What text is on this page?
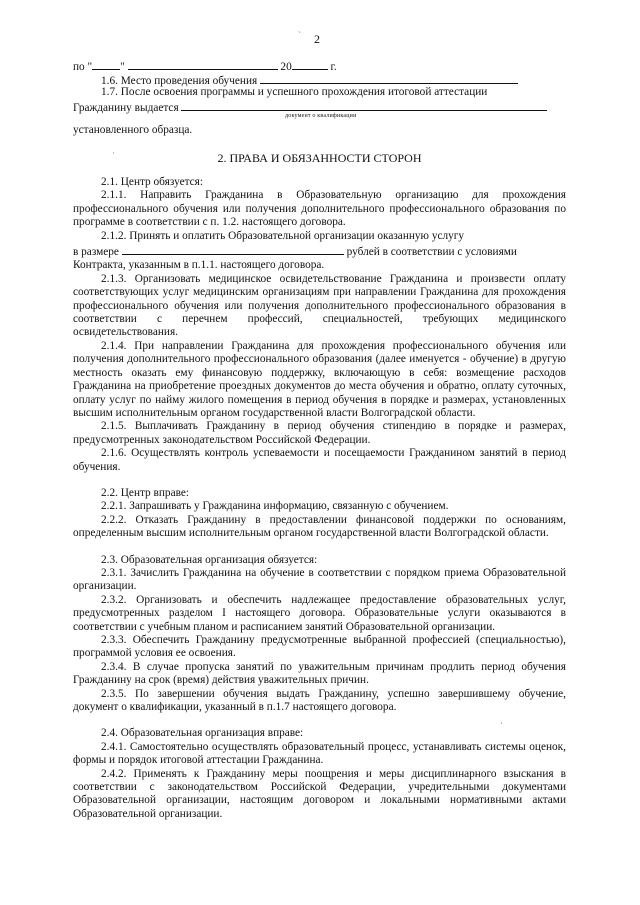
2
`
по " "	20	г.
1.6. Место проведения обучения

1.7. После освоения программы и успешного прохождения итоговой аттестации

Гражданину выдается
документ о квалификации

установленного образца.

2. ПРАВА И ОБЯЗАННОСТИ СТОРОН

2.1. Центр обязуется:

2.1.1. Направить Гражданина в Образовательную организацию для прохождения профессионального обучения или получения дополнительного профессионального образования по программе в соответствии с п. 1.2. настоящего договора.

2.1.2. Принять и оплатить Образовательной организации оказанную услугу

в размере	рублей в соответствии с условиями

Контракта, указанным в п.1.1. настоящего договора.

2.1.3. Организовать медицинское освидетельствование Гражданина и произвести оплату соответствующих услуг медицинским организациям при направлении Гражданина для прохождения профессионального обучения или получения дополнительного профессионального образования в соответствии с перечнем профессий, специальностей, требующих медицинского освидетельствования.

2.1.4. При направлении Гражданина для прохождения профессионального обучения или получения дополнительного профессионального образования (далее именуется - обучение) в другую местность оказать ему финансовую поддержку, включающую в себя: возмещение расходов Гражданина на приобретение проездных документов до места обучения и обратно, оплату суточных, оплату услуг по найму жилого помещения в период обучения в порядке и размерах, установленных высшим исполнительным органом государственной власти Волгоградской области.

2.1.5. Выплачивать Гражданину в период обучения стипендию в порядке и размерах, предусмотренных законодательством Российской Федерации.

2.1.6. Осуществлять контроль успеваемости и посещаемости Гражданином занятий в период обучения.

2.2. Центр вправе:

2.2.1. Запрашивать у Гражданина информацию, связанную с обучением.

2.2.2. Отказать Гражданину в предоставлении финансовой поддержки по основаниям, определенным высшим исполнительным органом государственной власти Волгоградской области.

2.3. Образовательная организация обязуется:

2.3.1. Зачислить Гражданина на обучение в соответствии с порядком приема Образовательной организации.

2.3.2. Организовать и обеспечить надлежащее предоставление образовательных услуг, предусмотренных разделом I настоящего договора. Образовательные услуги оказываются в соответствии с учебным планом и расписанием занятий Образовательной организации.

2.3.3. Обеспечить Гражданину предусмотренные выбранной профессией (специальностью), программой условия ее освоения.

2.3.4. В случае пропуска занятий по уважительным причинам продлить период обучения Гражданину на срок (время) действия уважительных причин.

2.3.5. По завершении обучения выдать Гражданину, успешно завершившему обучение, документ о квалификации, указанный в п.1.7 настоящего договора.

2.4. Образовательная организация вправе:

2.4.1. Самостоятельно осуществлять образовательный процесс, устанавливать системы оценок, формы и порядок итоговой аттестации Гражданина.

2.4.2. Применять к Гражданину меры поощрения и меры дисциплинарного взыскания в соответствии с законодательством Российской Федерации, учредительными документами Образовательной организации, настоящим договором и локальными нормативными актами Образовательной организации.

·
·
